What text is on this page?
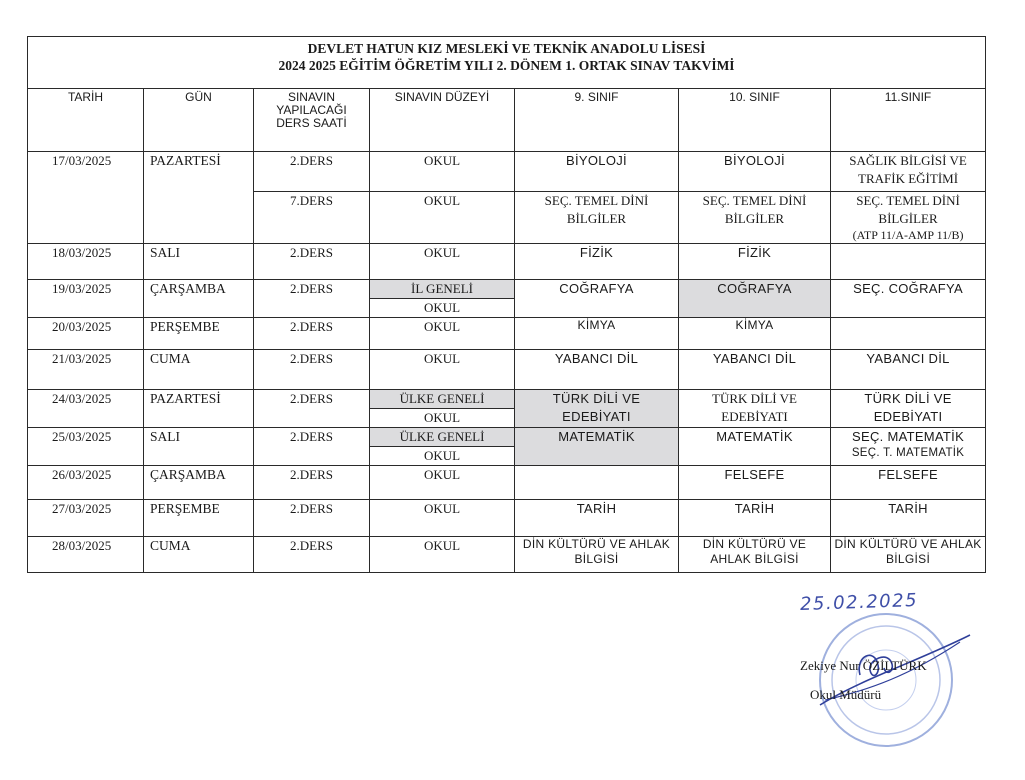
DEVLET HATUN KIZ MESLEKİ VE TEKNİK ANADOLU LİSESİ
2024 2025 EĞİTİM ÖĞRETİM YILI 2. DÖNEM 1. ORTAK SINAV TAKVİMİ						

TARİH	GÜN	SINAVIN YAPILACAĞI DERS SAATİ	SINAVIN DÜZEYİ	9. SINIF	10. SINIF	11.SINIF
17/03/2025	PAZARTESİ	2.DERS	OKUL	BİYOLOJİ	BİYOLOJİ	SAĞLIK BİLGİSİ VE TRAFİK EĞİTİMİ
		7.DERS	OKUL	SEÇ. TEMEL DİNİ BİLGİLER	SEÇ. TEMEL DİNİ BİLGİLER	SEÇ. TEMEL DİNİ BİLGİLER
(ATP 11/A-AMP 11/B)

18/03/2025	SALI	2.DERS	OKUL	FİZİK	FİZİK	
19/03/2025	ÇARŞAMBA	2.DERS	İL GENELİ	COĞRAFYA	COĞRAFYA	SEÇ. COĞRAFYA
			OKUL			
20/03/2025	PERŞEMBE	2.DERS	OKUL	KİMYA	KİMYA	
21/03/2025	CUMA	2.DERS	OKUL	YABANCI DİL	YABANCI DİL	YABANCI DİL
24/03/2025	PAZARTESİ	2.DERS	ÜLKE GENELİ	TÜRK DİLİ VE EDEBİYATI	TÜRK DİLİ VE EDEBİYATI	TÜRK DİLİ VE EDEBİYATI
			OKUL			
25/03/2025	SALI	2.DERS	ÜLKE GENELİ	MATEMATİK	MATEMATİK	SEÇ. MATEMATİK
SEÇ. T. MATEMATİK

			OKUL			
26/03/2025	ÇARŞAMBA	2.DERS	OKUL		FELSEFE	FELSEFE
27/03/2025	PERŞEMBE	2.DERS	OKUL	TARİH	TARİH	TARİH
28/03/2025	CUMA	2.DERS	OKUL	DİN KÜLTÜRÜ VE AHLAK BİLGİSİ	DİN KÜLTÜRÜ VE AHLAK BİLGİSİ	DİN KÜLTÜRÜ VE AHLAK BİLGİSİ
25.02.2025
Zekiye Nur ÖZİLTÜRK
Okul Müdürü
